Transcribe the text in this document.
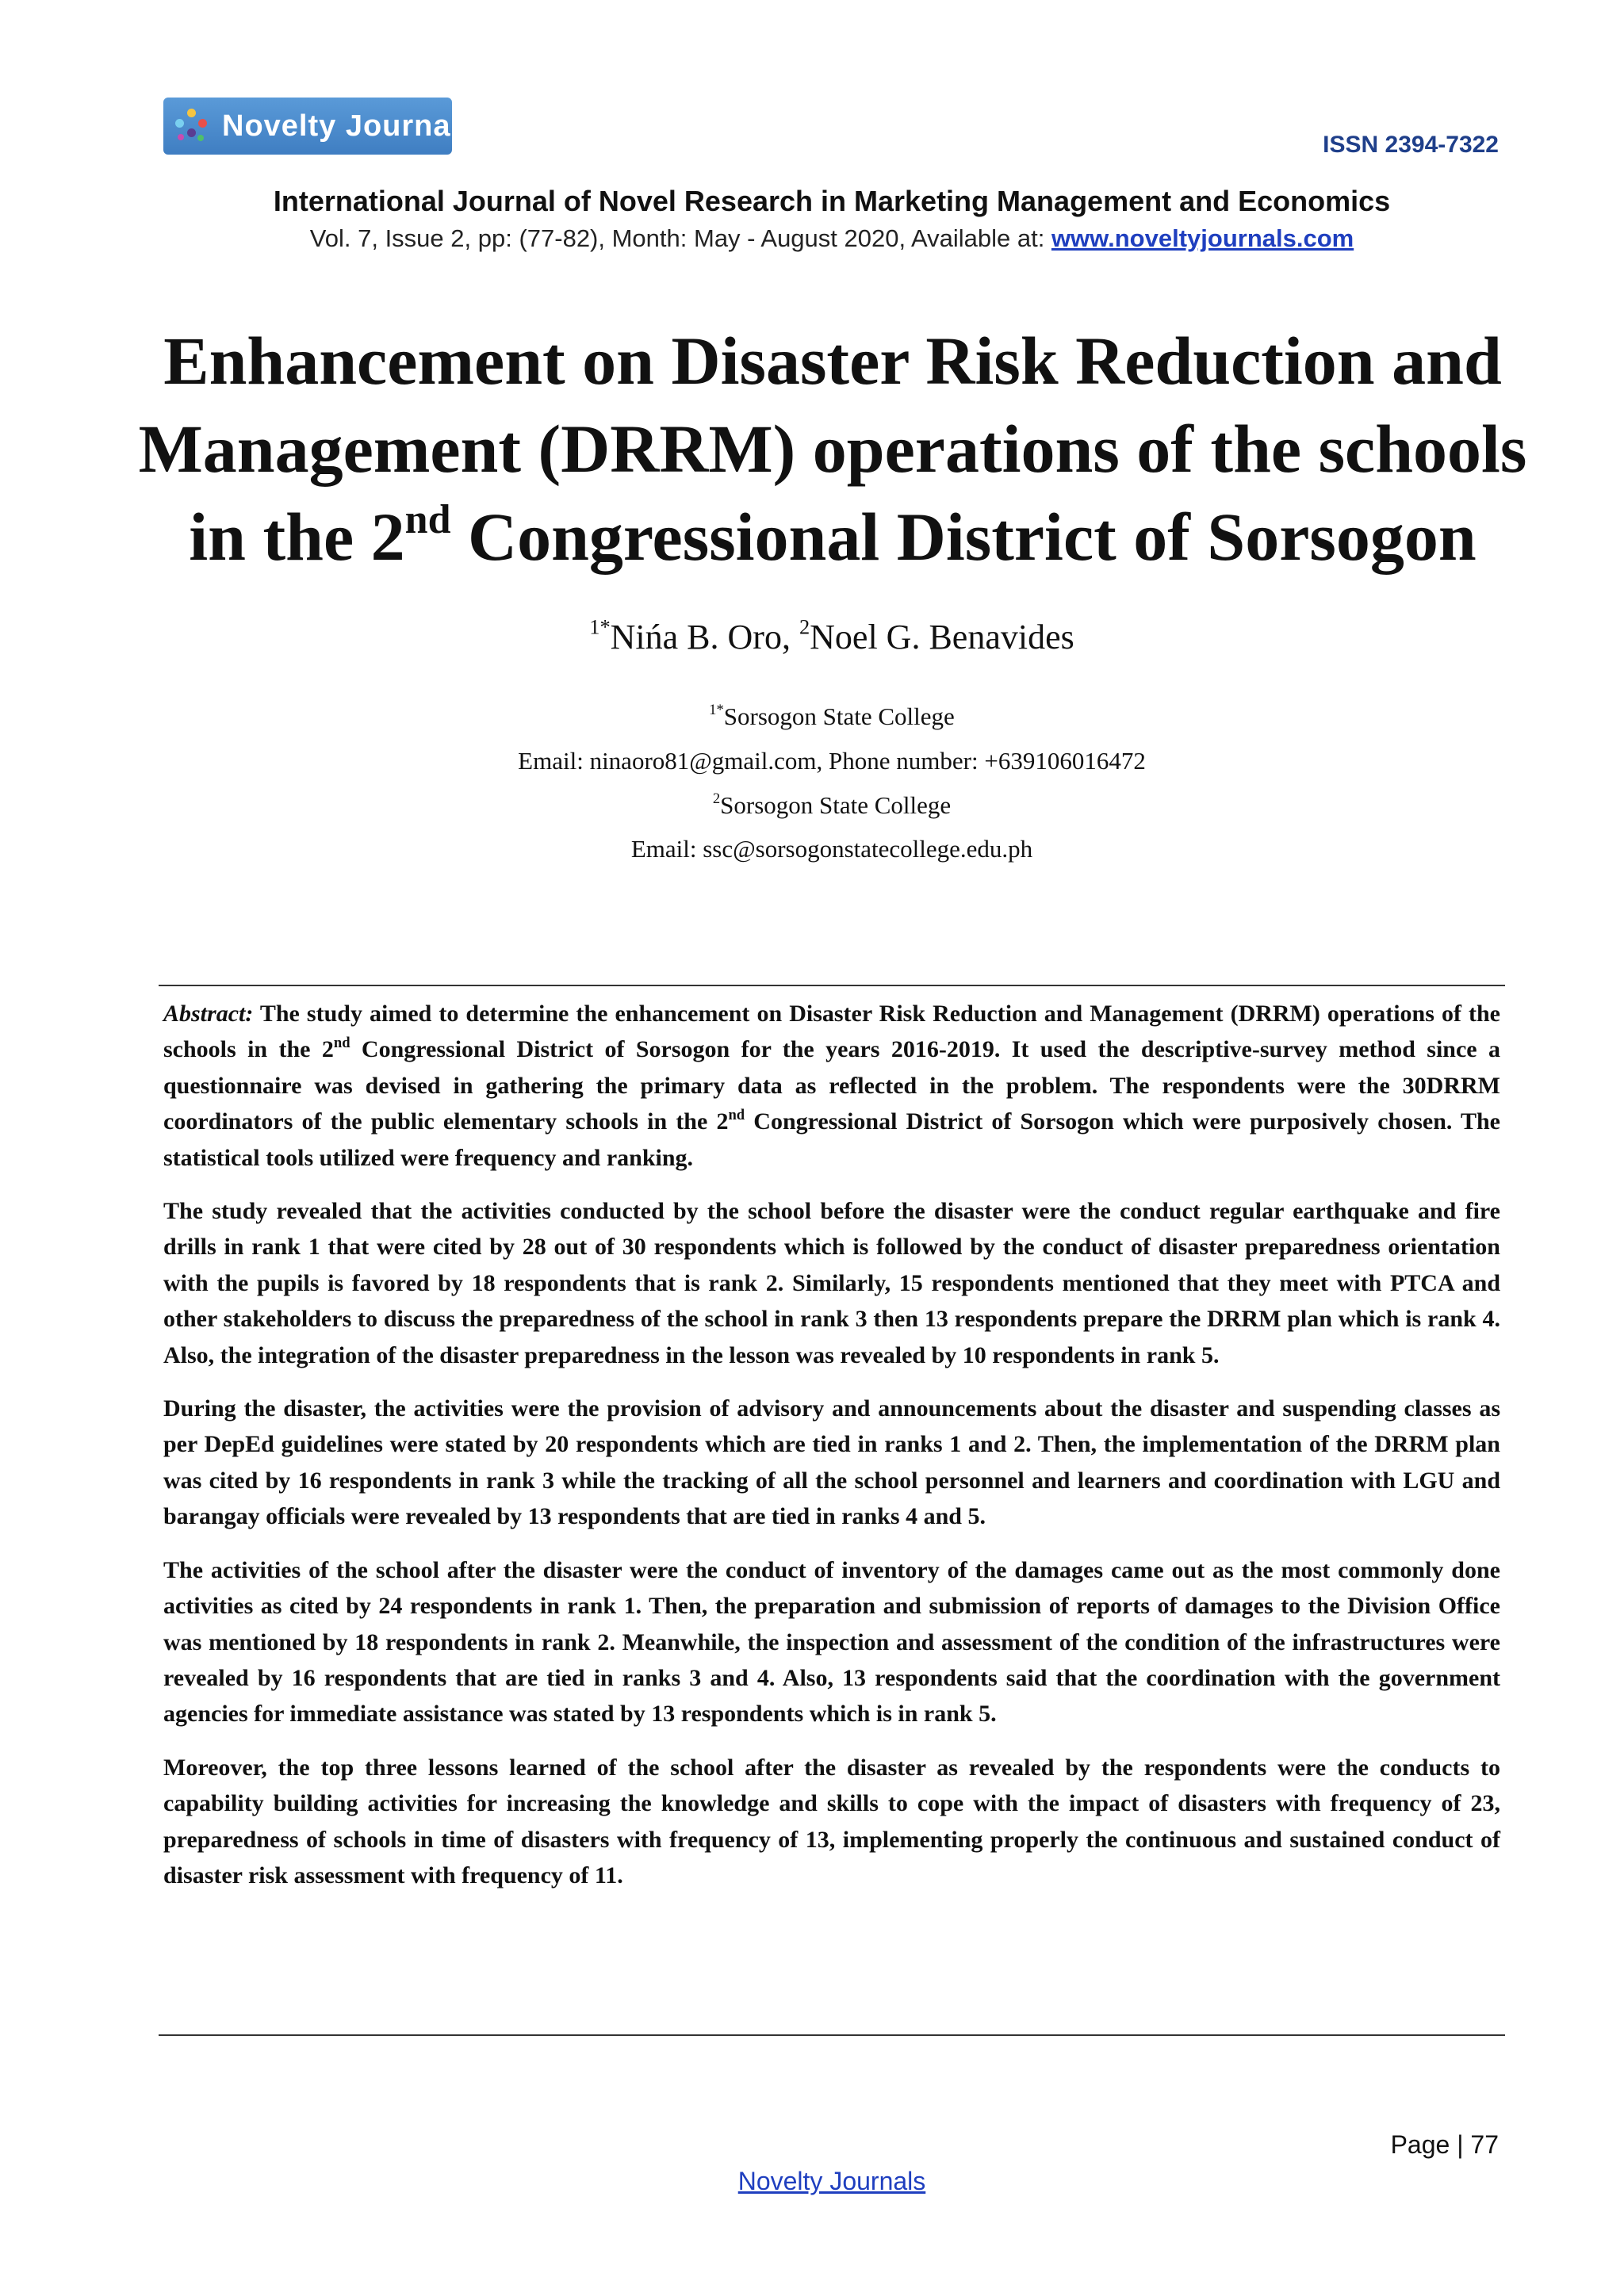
Novelty Journals
ISSN 2394-7322
International Journal of Novel Research in Marketing Management and Economics
Vol. 7, Issue 2, pp: (77-82), Month: May - August 2020, Available at: www.noveltyjournals.com
Enhancement on Disaster Risk Reduction and
Management (DRRM) operations of the schools
in the 2nd Congressional District of Sorsogon
$^{1*}$Nińa B. Oro, $^2$Noel G. Benavides
$^{1*}$Sorsogon State College
Email: ninaoro81@gmail.com, Phone number: +639106016472
$^2$Sorsogon State College
Email: ssc@sorsogonstatecollege.edu.ph

Abstract: The study aimed to determine the enhancement on Disaster Risk Reduction and Management (DRRM) operations of the schools in the 2nd Congressional District of Sorsogon for the years 2016-2019. It used the descriptive-survey method since a questionnaire was devised in gathering the primary data as reflected in the problem. The respondents were the 30DRRM coordinators of the public elementary schools in the 2nd Congressional District of Sorsogon which were purposively chosen. The statistical tools utilized were frequency and ranking.

The study revealed that the activities conducted by the school before the disaster were the conduct regular earthquake and fire drills in rank 1 that were cited by 28 out of 30 respondents which is followed by the conduct of disaster preparedness orientation with the pupils is favored by 18 respondents that is rank 2. Similarly, 15 respondents mentioned that they meet with PTCA and other stakeholders to discuss the preparedness of the school in rank 3 then 13 respondents prepare the DRRM plan which is rank 4. Also, the integration of the disaster preparedness in the lesson was revealed by 10 respondents in rank 5.

During the disaster, the activities were the provision of advisory and announcements about the disaster and suspending classes as per DepEd guidelines were stated by 20 respondents which are tied in ranks 1 and 2. Then, the implementation of the DRRM plan was cited by 16 respondents in rank 3 while the tracking of all the school personnel and learners and coordination with LGU and barangay officials were revealed by 13 respondents that are tied in ranks 4 and 5.

The activities of the school after the disaster were the conduct of inventory of the damages came out as the most commonly done activities as cited by 24 respondents in rank 1. Then, the preparation and submission of reports of damages to the Division Office was mentioned by 18 respondents in rank 2. Meanwhile, the inspection and assessment of the condition of the infrastructures were revealed by 16 respondents that are tied in ranks 3 and 4. Also, 13 respondents said that the coordination with the government agencies for immediate assistance was stated by 13 respondents which is in rank 5.

Moreover, the top three lessons learned of the school after the disaster as revealed by the respondents were the conducts to capability building activities for increasing the knowledge and skills to cope with the impact of disasters with frequency of 23, preparedness of schools in time of disasters with frequency of 13, implementing properly the continuous and sustained conduct of disaster risk assessment with frequency of 11.

Page | 77
Novelty Journals
